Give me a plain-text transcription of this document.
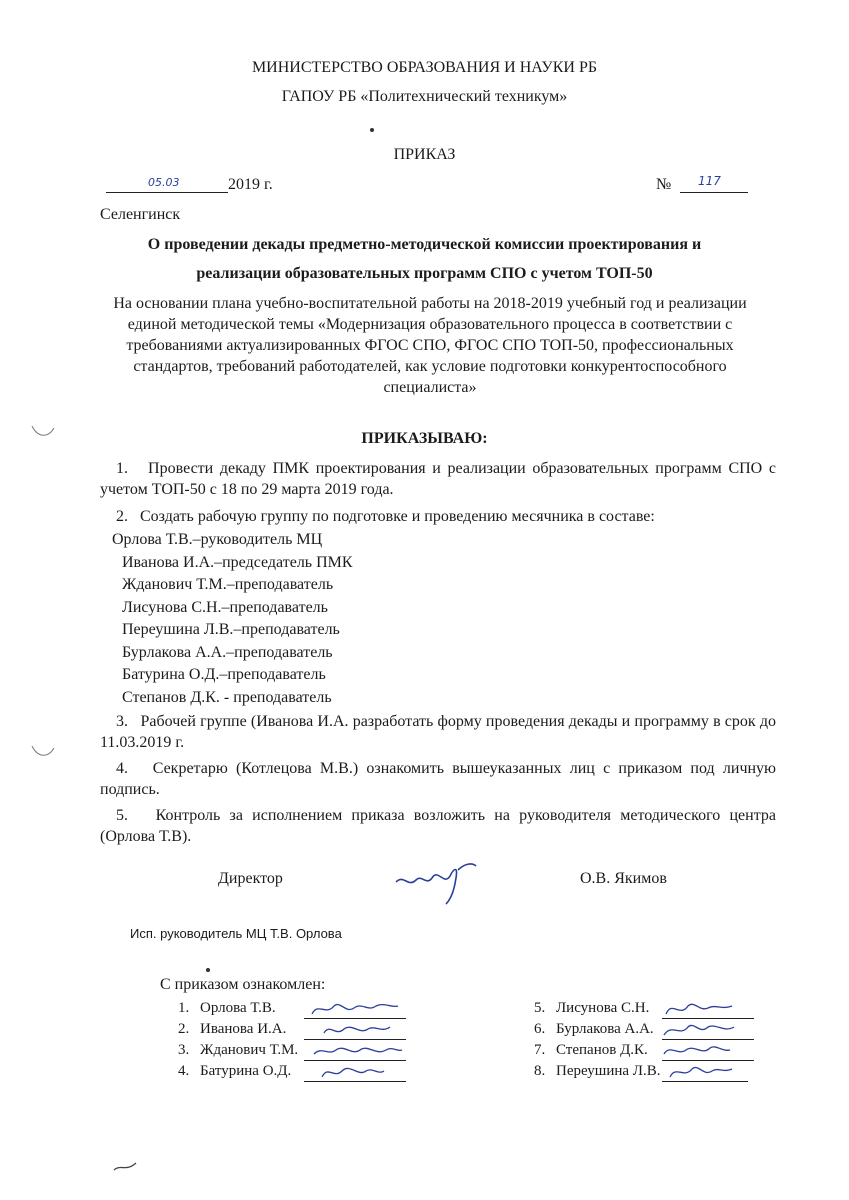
МИНИСТЕРСТВО ОБРАЗОВАНИЯ И НАУКИ РБ
ГАПОУ РБ «Политехнический техникум»
ПРИКАЗ
05.03	2019 г.	№ 117
Селенгинск
О проведении декады предметно-методической комиссии проектирования и
реализации образовательных программ СПО с учетом ТОП-50
На основании плана учебно-воспитательной работы на 2018-2019 учебный год и реализации единой методической темы «Модернизация образовательного процесса в соответствии с требованиями актуализированных ФГОС СПО, ФГОС СПО ТОП-50, профессиональных стандартов, требований работодателей, как условие подготовки конкурентоспособного специалиста»
ПРИКАЗЫВАЮ:
1.   Провести декаду ПМК проектирования и реализации образовательных программ СПО с учетом ТОП-50 с 18 по 29 марта 2019 года.
2.   Создать рабочую группу по подготовке и проведению месячника в составе:
Орлова Т.В.–руководитель МЦ
Иванова И.А.–председатель ПМК
Жданович Т.М.–преподаватель
Лисунова С.Н.–преподаватель
Переушина Л.В.–преподаватель
Бурлакова А.А.–преподаватель
Батурина О.Д.–преподаватель
Степанов Д.К. - преподаватель
3.   Рабочей группе (Иванова И.А. разработать форму проведения декады и программу в срок до 11.03.2019 г.
4.   Секретарю (Котлецова М.В.) ознакомить вышеуказанных лиц с приказом под личную подпись.
5.   Контроль за исполнением приказа возложить на руководителя методического центра (Орлова Т.В).
Директор	О.В. Якимов
Исп. руководитель МЦ Т.В. Орлова
С приказом ознакомлен:
1. Орлова Т.В.
2. Иванова И.А.
3. Жданович Т.М.
4. Батурина О.Д.
5. Лисунова С.Н.
6. Бурлакова А.А.
7. Степанов Д.К.
8. Переушина Л.В.
